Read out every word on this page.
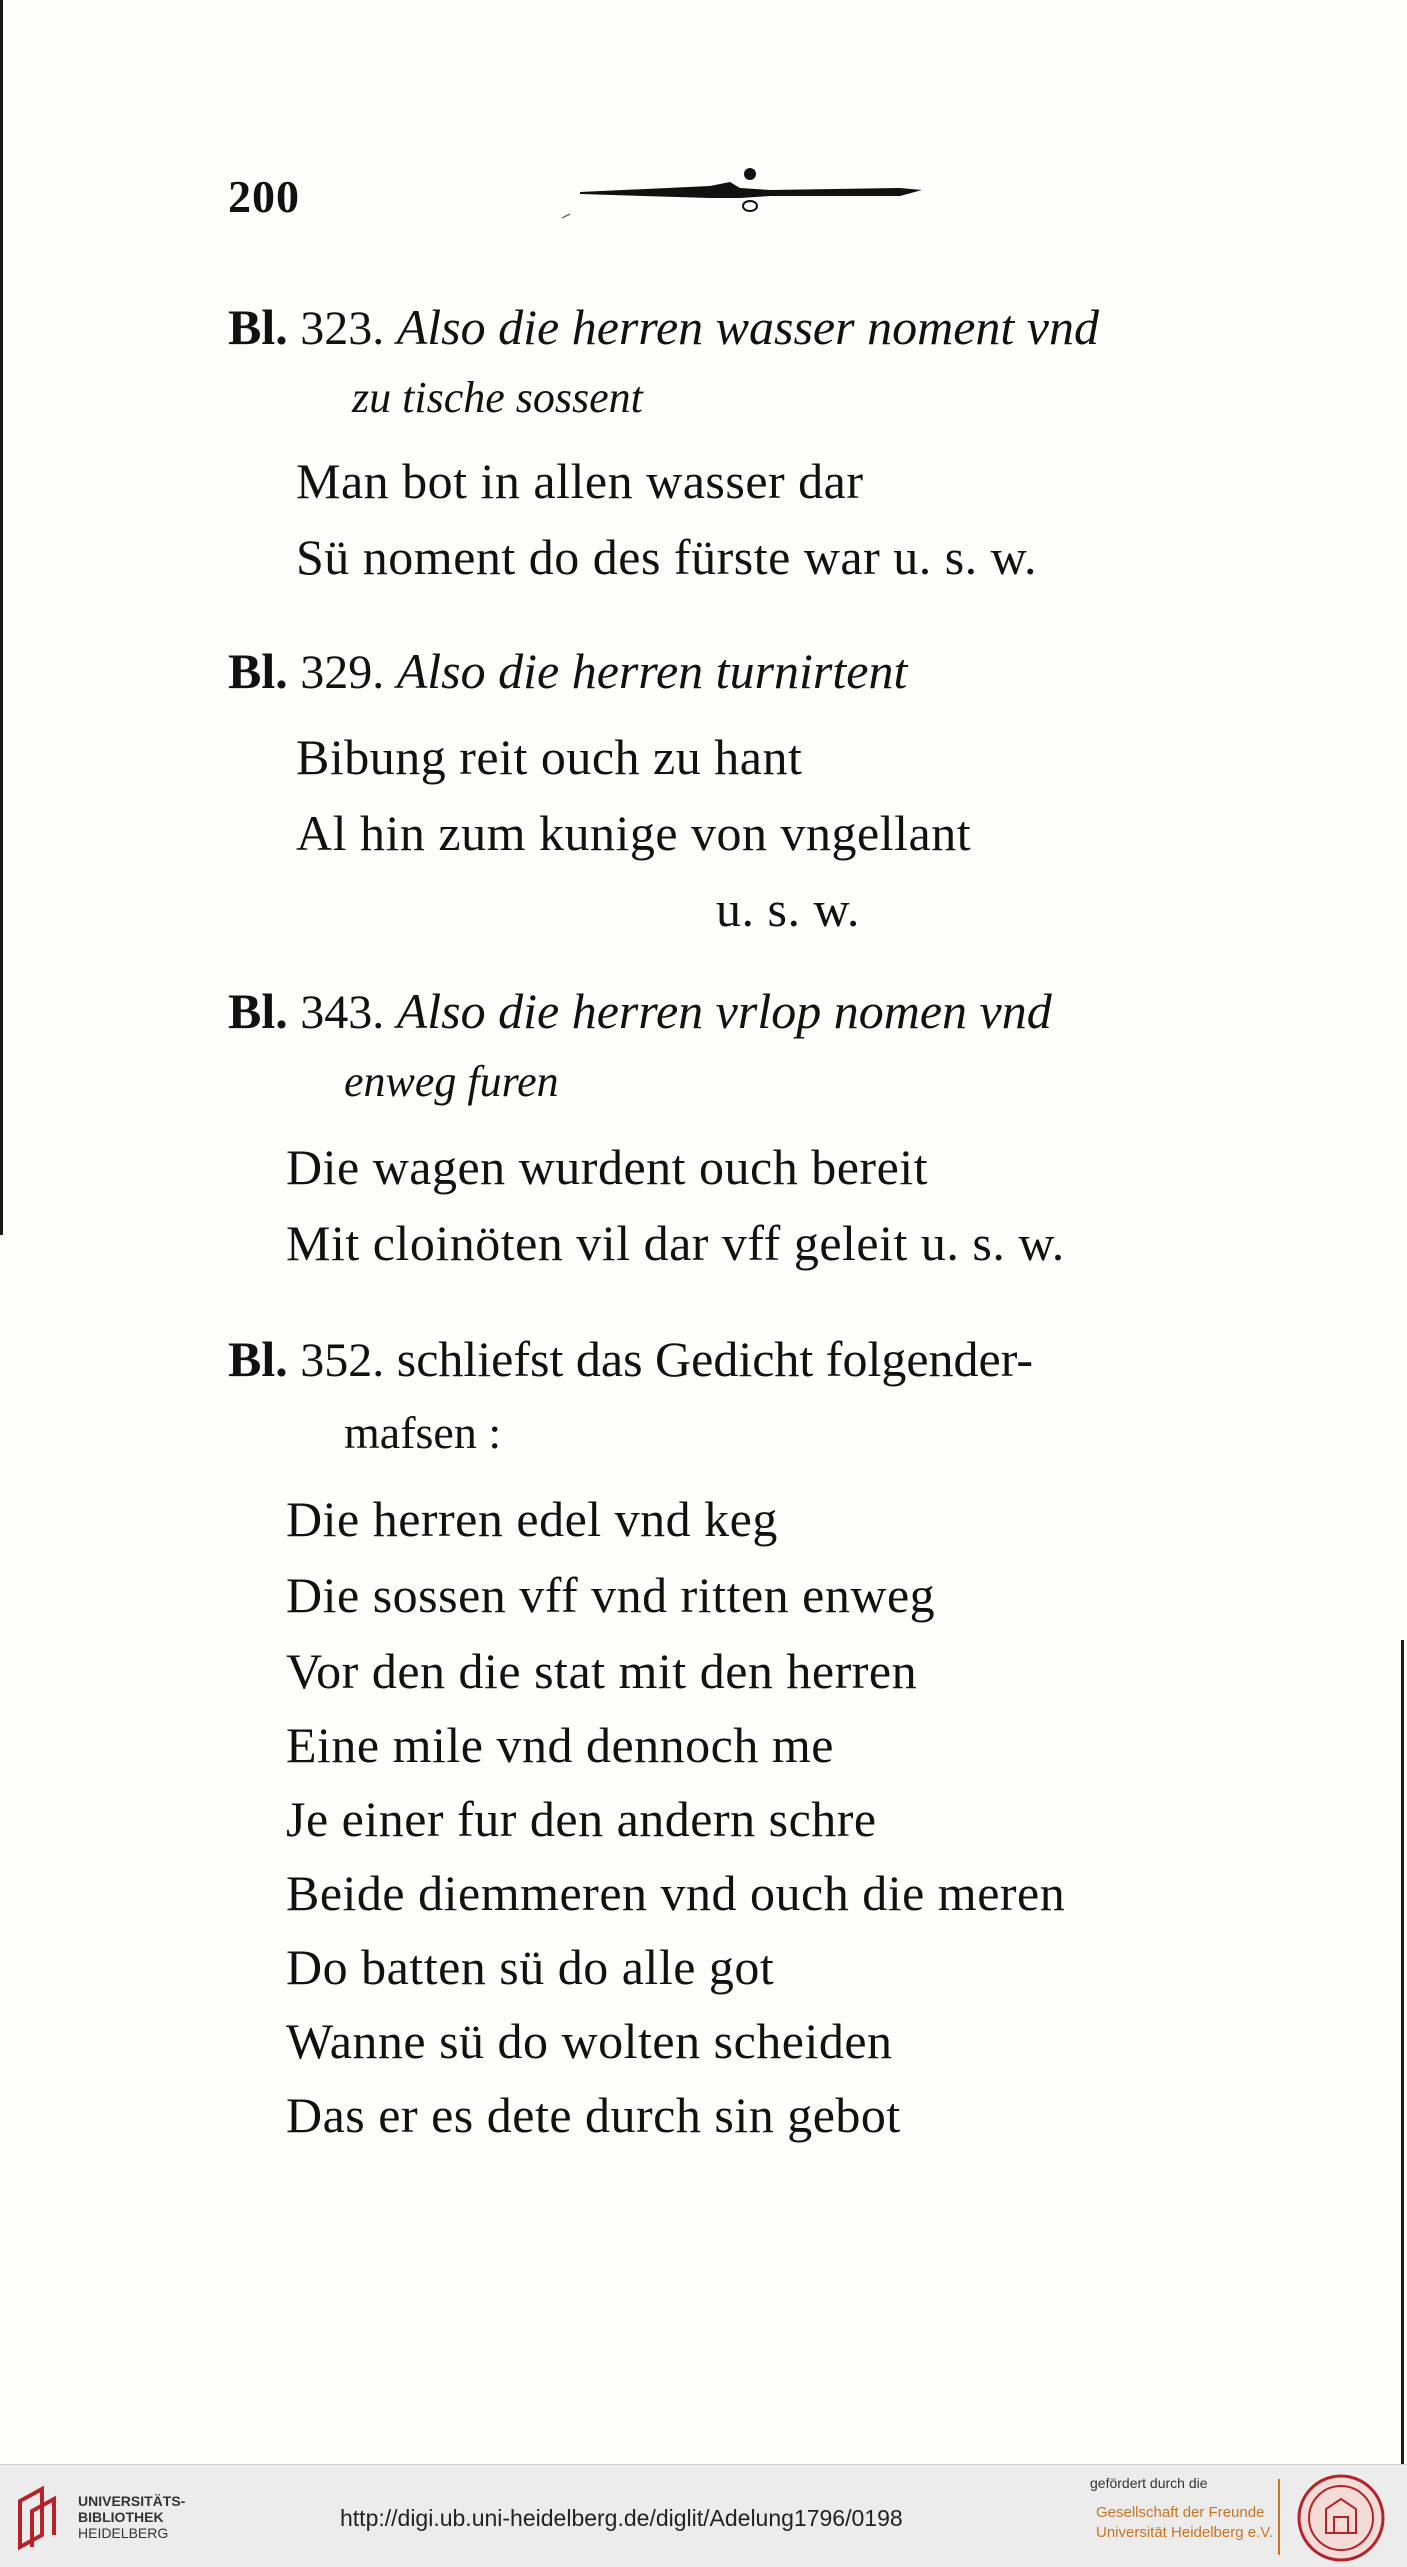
200
Bl. 323. Also die herren wasser noment vnd
zu tische sossent
Man bot in allen wasser dar
Sü noment do des fürste war u. s. w.
Bl. 329. Also die herren turnirtent
Bibung reit ouch zu hant
Al hin zum kunige von vngellant
u. s. w.
Bl. 343. Also die herren vrlop nomen vnd
enweg furen
Die wagen wurdent ouch bereit
Mit cloinöten vil dar vff geleit u. s. w.
Bl. 352. schliefst das Gedicht folgender-
mafsen :
Die herren edel vnd keg
Die sossen vff vnd ritten enweg
Vor den die stat mit den herren
Eine mile vnd dennoch me
Je einer fur den andern schre
Beide diemmeren vnd ouch die meren
Do batten sü do alle got
Wanne sü do wolten scheiden
Das er es dete durch sin gebot
UNIVERSITÄTS-
BIBLIOTHEK
HEIDELBERG
http://digi.ub.uni-heidelberg.de/diglit/Adelung1796/0198
gefördert durch die
Gesellschaft der Freunde
Universität Heidelberg e.V.
